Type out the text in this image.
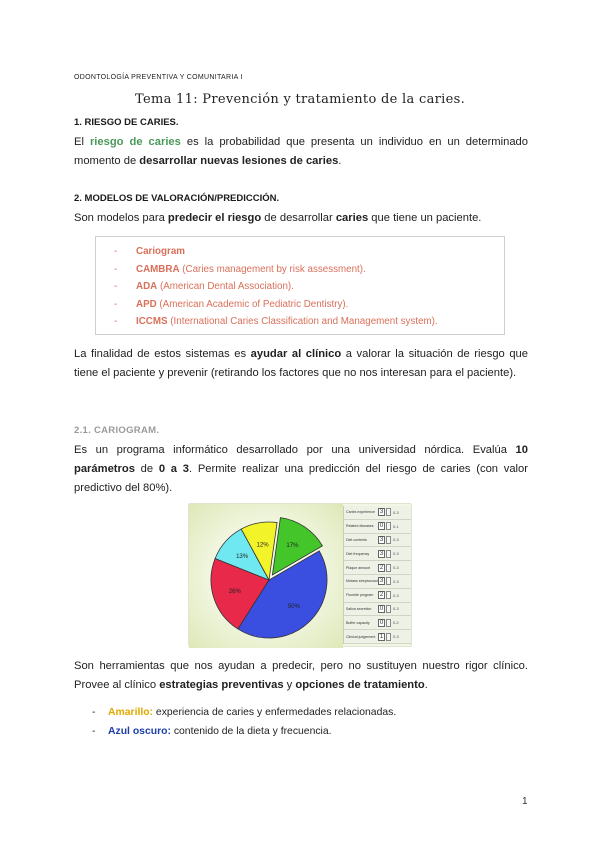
ODONTOLOGÍA PREVENTIVA Y COMUNITARIA I
Tema 11: Prevención y tratamiento de la caries.
1. RIESGO DE CARIES.
El riesgo de caries es la probabilidad que presenta un individuo en un determinado momento de desarrollar nuevas lesiones de caries.
2. MODELOS DE VALORACIÓN/PREDICCIÓN.
Son modelos para predecir el riesgo de desarrollar caries que tiene un paciente.
- Cariogram
- CAMBRA (Caries management by risk assessment).
- ADA (American Dental Association).
- APD (American Academic of Pediatric Dentistry).
- ICCMS (International Caries Classification and Management system).
La finalidad de estos sistemas es ayudar al clínico a valorar la situación de riesgo que tiene el paciente y prevenir (retirando los factores que no nos interesan para el paciente).
2.1. CARIOGRAM.
Es un programa informático desarrollado por una universidad nórdica. Evalúa 10 parámetros de 0 a 3. Permite realizar una predicción del riesgo de caries (con valor predictivo del 80%).
17%
50%
26%
13%
12%
Caries experience 3	0-3
Related diseases	0	0-1
Diet contents	3	0-3
Diet frequency	3	0-3
Plaque amount	2	0-3
Mutans streptococci 3	0-3
Fluoride program	2	0-3
Saliva secretion	0	0-3
Buffer capacity	0	0-2
Clinical judgement 1	0-3
Son herramientas que nos ayudan a predecir, pero no sustituyen nuestro rigor clínico. Provee al clínico estrategias preventivas y opciones de tratamiento.
- Amarillo: experiencia de caries y enfermedades relacionadas.
- Azul oscuro: contenido de la dieta y frecuencia.
1
